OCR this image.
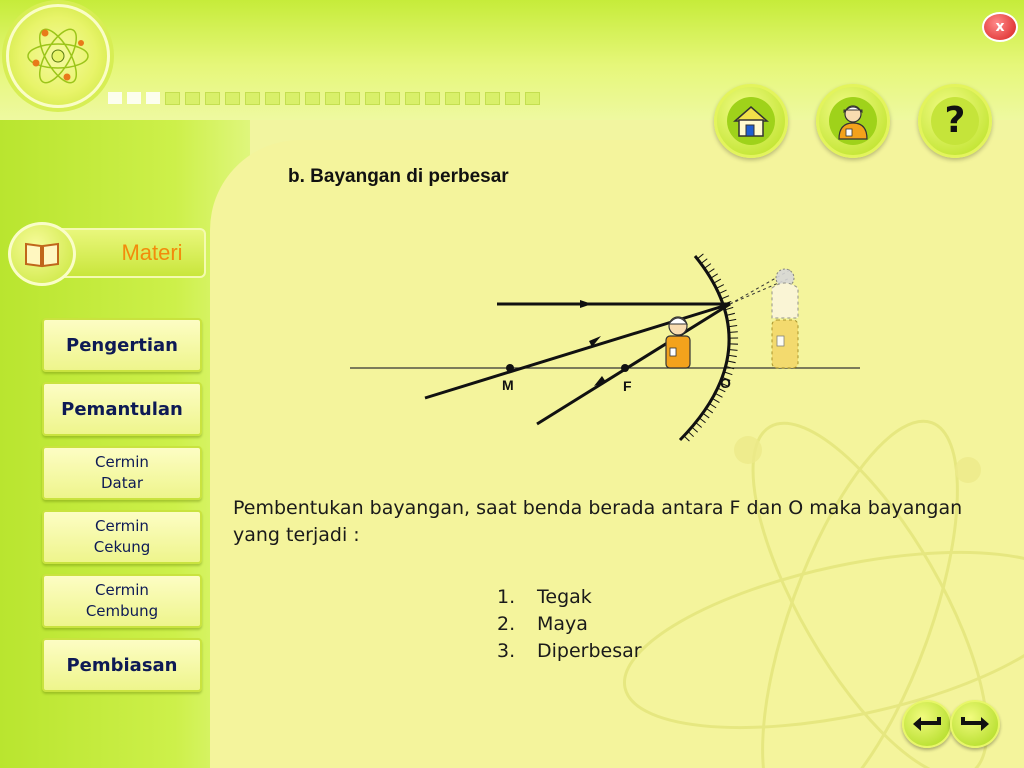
x
?
Materi
Pengertian
Pemantulan
Cermin
Datar
Cermin
Cekung
Cermin
Cembung
Pembiasan
b. Bayangan di perbesar
M	F	O
Pembentukan bayangan, saat benda berada antara F dan O maka bayangan yang terjadi :
1.	Tegak
2.	Maya
3.	Diperbesar
